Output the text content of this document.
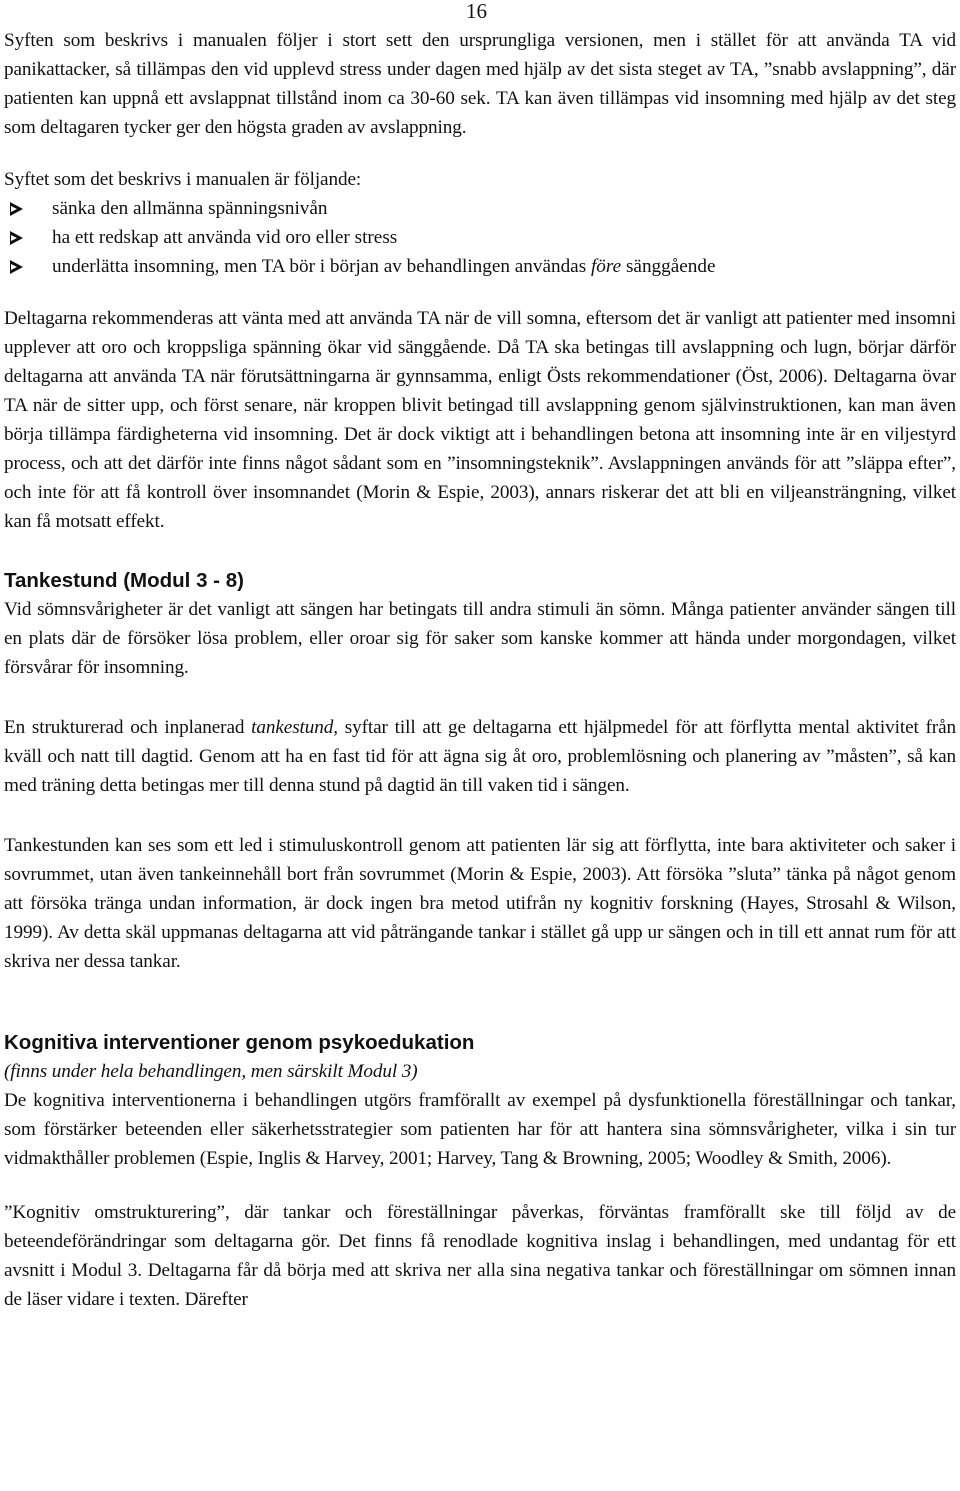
16

Syften som beskrivs i manualen följer i stort sett den ursprungliga versionen, men i stället för att använda TA vid panikattacker, så tillämpas den vid upplevd stress under dagen med hjälp av det sista steget av TA, ”snabb avslappning”, där patienten kan uppnå ett avslappnat tillstånd inom ca 30-60 sek. TA kan även tillämpas vid insomning med hjälp av det steg som deltagaren tycker ger den högsta graden av avslappning.

Syftet som det beskrivs i manualen är följande:

sänka den allmänna spänningsnivån
ha ett redskap att använda vid oro eller stress
underlätta insomning, men TA bör i början av behandlingen användas före sänggående

Deltagarna rekommenderas att vänta med att använda TA när de vill somna, eftersom det är vanligt att patienter med insomni upplever att oro och kroppsliga spänning ökar vid sänggående. Då TA ska betingas till avslappning och lugn, börjar därför deltagarna att använda TA när förutsättningarna är gynnsamma, enligt Östs rekommendationer (Öst, 2006). Deltagarna övar TA när de sitter upp, och först senare, när kroppen blivit betingad till avslappning genom självinstruktionen, kan man även börja tillämpa färdigheterna vid insomning. Det är dock viktigt att i behandlingen betona att insomning inte är en viljestyrd process, och att det därför inte finns något sådant som en ”insomningsteknik”. Avslappningen används för att ”släppa efter”, och inte för att få kontroll över insomnandet (Morin & Espie, 2003), annars riskerar det att bli en viljeansträngning, vilket kan få motsatt effekt.

Tankestund (Modul 3 - 8)

Vid sömnsvårigheter är det vanligt att sängen har betingats till andra stimuli än sömn. Många patienter använder sängen till en plats där de försöker lösa problem, eller oroar sig för saker som kanske kommer att hända under morgondagen, vilket försvårar för insomning.

En strukturerad och inplanerad tankestund, syftar till att ge deltagarna ett hjälpmedel för att förflytta mental aktivitet från kväll och natt till dagtid. Genom att ha en fast tid för att ägna sig åt oro, problemlösning och planering av ”måsten”, så kan med träning detta betingas mer till denna stund på dagtid än till vaken tid i sängen.

Tankestunden kan ses som ett led i stimuluskontroll genom att patienten lär sig att förflytta, inte bara aktiviteter och saker i sovrummet, utan även tankeinnehåll bort från sovrummet (Morin & Espie, 2003). Att försöka ”sluta” tänka på något genom att försöka tränga undan information, är dock ingen bra metod utifrån ny kognitiv forskning (Hayes, Strosahl & Wilson, 1999). Av detta skäl uppmanas deltagarna att vid påträngande tankar i stället gå upp ur sängen och in till ett annat rum för att skriva ner dessa tankar.

Kognitiva interventioner genom psykoedukation

(finns under hela behandlingen, men särskilt Modul 3)

De kognitiva interventionerna i behandlingen utgörs framförallt av exempel på dysfunktionella föreställningar och tankar, som förstärker beteenden eller säkerhetsstrategier som patienten har för att hantera sina sömnsvårigheter, vilka i sin tur vidmakthåller problemen (Espie, Inglis & Harvey, 2001; Harvey, Tang & Browning, 2005; Woodley & Smith, 2006).

”Kognitiv omstrukturering”, där tankar och föreställningar påverkas, förväntas framförallt ske till följd av de beteendeförändringar som deltagarna gör. Det finns få renodlade kognitiva inslag i behandlingen, med undantag för ett avsnitt i Modul 3. Deltagarna får då börja med att skriva ner alla sina negativa tankar och föreställningar om sömnen innan de läser vidare i texten. Därefter
